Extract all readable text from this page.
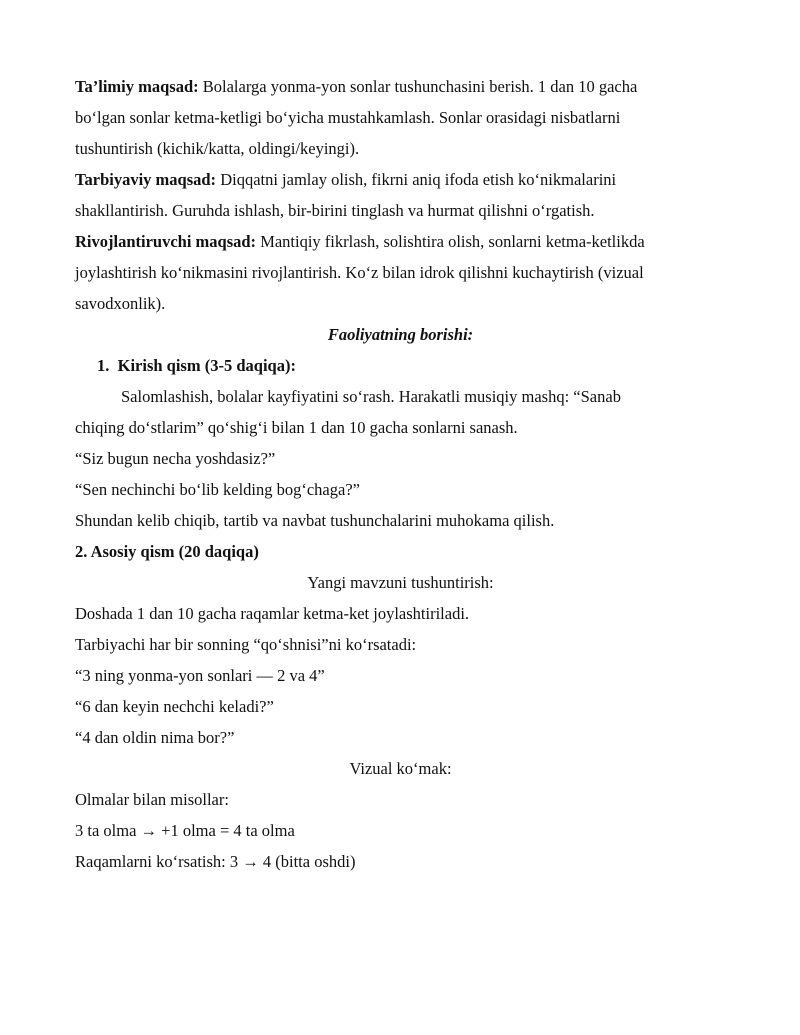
Ta’limiy maqsad: Bolalarga yonma-yon sonlar tushunchasini berish. 1 dan 10 gacha

bo‘lgan sonlar ketma-ketligi bo‘yicha mustahkamlash. Sonlar orasidagi nisbatlarni

tushuntirish (kichik/katta, oldingi/keyingi).

Tarbiyaviy maqsad: Diqqatni jamlay olish, fikrni aniq ifoda etish ko‘nikmalarini

shakllantirish. Guruhda ishlash, bir-birini tinglash va hurmat qilishni o‘rgatish.

Rivojlantiruvchi maqsad: Mantiqiy fikrlash, solishtira olish, sonlarni ketma-ketlikda

joylashtirish ko‘nikmasini rivojlantirish. Ko‘z bilan idrok qilishni kuchaytirish (vizual

savodxonlik).

Faoliyatning borishi:

1. Kirish qism (3-5 daqiqa):

Salomlashish, bolalar kayfiyatini so‘rash. Harakatli musiqiy mashq: “Sanab

chiqing do‘stlarim” qo‘shig‘i bilan 1 dan 10 gacha sonlarni sanash.

“Siz bugun necha yoshdasiz?”

“Sen nechinchi bo‘lib kelding bog‘chaga?”

Shundan kelib chiqib, tartib va navbat tushunchalarini muhokama qilish.

2. Asosiy qism (20 daqiqa)

Yangi mavzuni tushuntirish:

Doshada 1 dan 10 gacha raqamlar ketma-ket joylashtiriladi.

Tarbiyachi har bir sonning “qo‘shnisi”ni ko‘rsatadi:

“3 ning yonma-yon sonlari — 2 va 4”

“6 dan keyin nechchi keladi?”

“4 dan oldin nima bor?”

Vizual ko‘mak:

Olmalar bilan misollar:

3 ta olma → +1 olma = 4 ta olma

Raqamlarni ko‘rsatish: 3 → 4 (bitta oshdi)
